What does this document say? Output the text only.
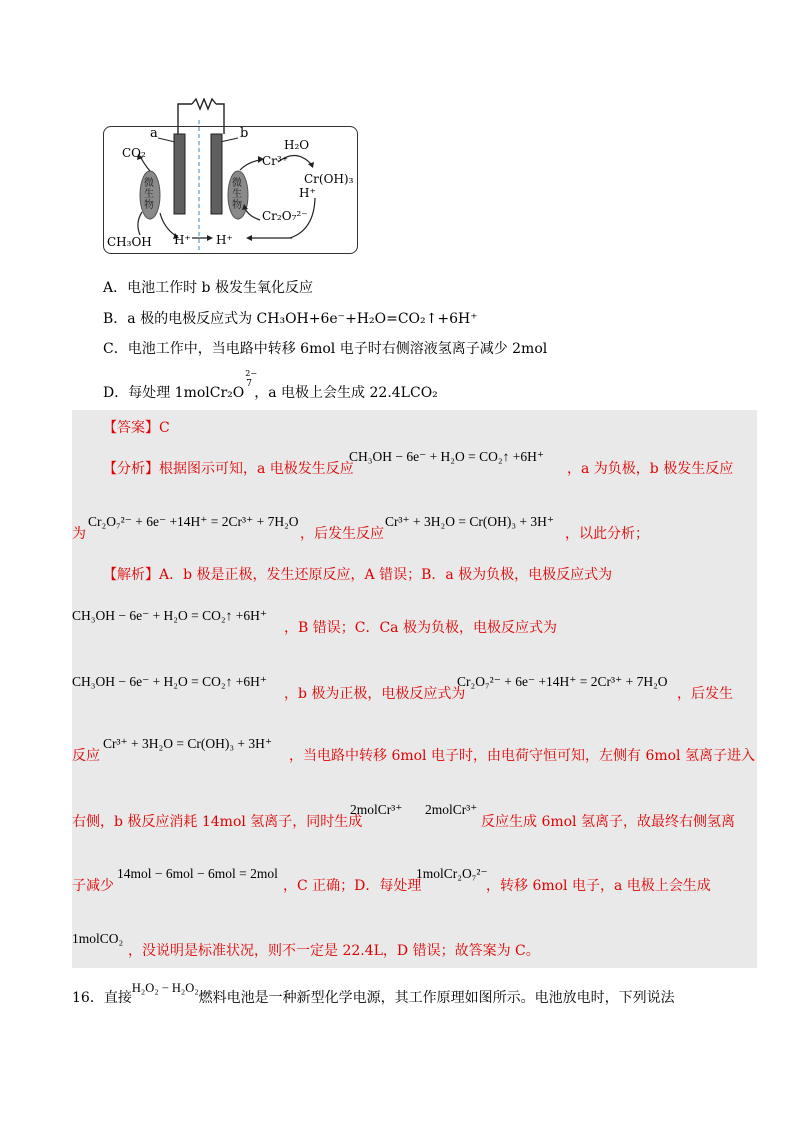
a	b
CO₂
微生物
微生物
CH₃OH H⁺ H⁺
Cr³⁺
H₂O
Cr(OH)₃
H⁺
Cr₂O₇²⁻
A．电池工作时 b 极发生氧化反应
B．a 极的电极反应式为 CH₃OH+6e⁻+H₂O=CO₂↑+6H⁺
C．电池工作中，当电路中转移 6mol 电子时右侧溶液氢离子减少 2mol
D．每处理 1molCr₂O
2−
7
，a 电极上会生成 22.4LCO₂
【答案】C
【分析】根据图示可知，a 电极发生反应
CH₃OH − 6e⁻ + H₂O = CO₂↑ +6H⁺
，a 为负极，b 极发生反应
为
Cr₂O₇²⁻ + 6e⁻ +14H⁺ = 2Cr³⁺ + 7H₂O
，后发生反应
Cr³⁺ + 3H₂O = Cr(OH)₃ + 3H⁺
，以此分析；
【解析】A．b 极是正极，发生还原反应，A 错误；B．a 极为负极，电极反应式为
CH₃OH − 6e⁻ + H₂O = CO₂↑ +6H⁺
，B 错误；C．Ca 极为负极，电极反应式为
CH₃OH − 6e⁻ + H₂O = CO₂↑ +6H⁺
，b 极为正极，电极反应式为
Cr₂O₇²⁻ + 6e⁻ +14H⁺ = 2Cr³⁺ + 7H₂O
，后发生
反应
Cr³⁺ + 3H₂O = Cr(OH)₃ + 3H⁺
，当电路中转移 6mol 电子时，由电荷守恒可知，左侧有 6mol 氢离子进入
右侧，b 极反应消耗 14mol 氢离子，同时生成
2molCr³⁺ 2molCr³⁺
反应生成 6mol 氢离子，故最终右侧氢离
子减少
14mol − 6mol − 6mol = 2mol
，C 正确；D．每处理
1molCr₂O₇²⁻
，转移 6mol 电子，a 电极上会生成
1molCO₂
，没说明是标准状况，则不一定是 22.4L，D 错误；故答案为 C。
16．直接H₂O₂ − H₂O₂燃料电池是一种新型化学电源，其工作原理如图所示。电池放电时，下列说法
